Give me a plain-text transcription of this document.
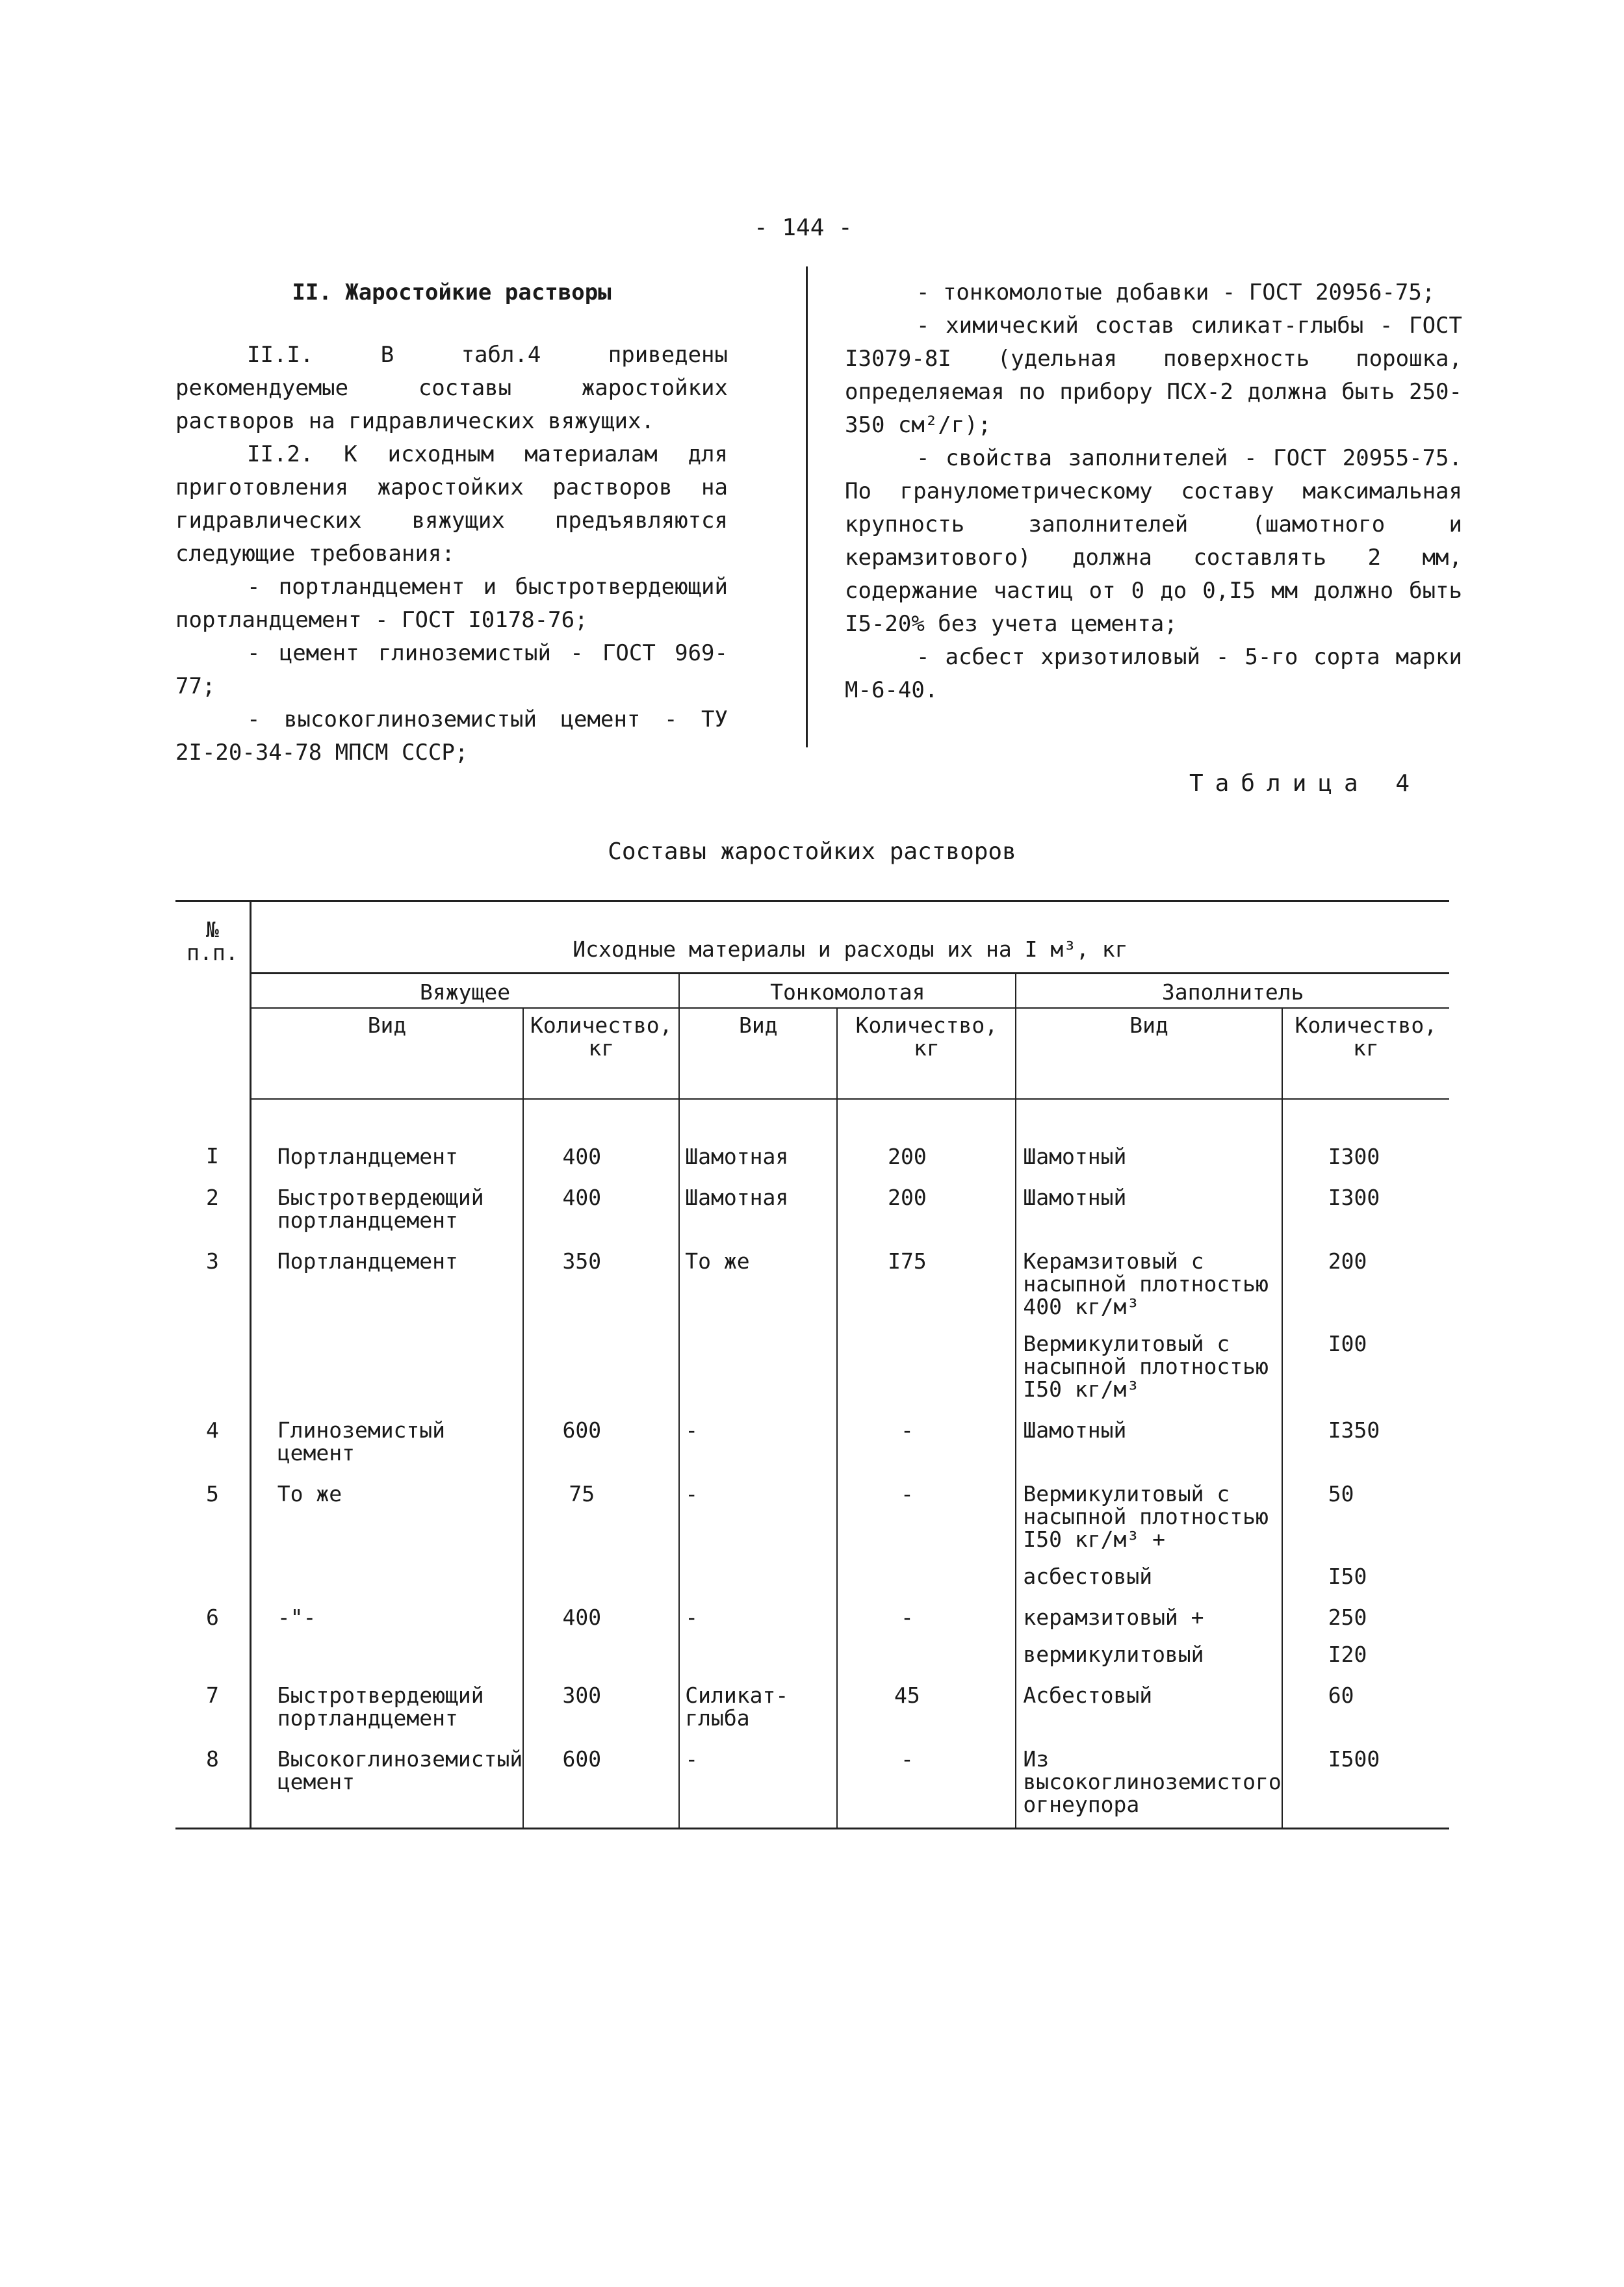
- 144 -

II. Жаростойкие растворы

II.I. В табл.4 приведены рекомендуемые составы жаростойких растворов на гидравлических вяжущих.

II.2. К исходным материалам для приготовления жаростойких растворов на гидравлических вяжущих предъявляются следующие требования:

- портландцемент и быстротвердеющий портландцемент - ГОСТ I0178-76;

- цемент глиноземистый - ГОСТ 969-77;

- высокоглиноземистый цемент - ТУ 2I-20-34-78 МПСМ СССР;

- тонкомолотые добавки - ГОСТ 20956-75;

- химический состав силикат-глыбы - ГОСТ I3079-8I (удельная поверхность порошка, определяемая по прибору ПСХ-2 должна быть 250-350 см²/г);

- свойства заполнителей - ГОСТ 20955-75. По гранулометрическому составу максимальная крупность заполнителей (шамотного и керамзитового) должна составлять 2 мм, содержание частиц от 0 до 0,I5 мм должно быть I5-20% без учета цемента;

- асбест хризотиловый - 5-го сорта марки М-6-40.

Таблица 4
Составы жаростойких растворов
№ п.п.	Исходные материалы и расходы их на I м³, кг					
	Вяжущее		Тонкомолотая		Заполнитель	
	Вид	Количество, кг	Вид	Количество, кг	Вид	Количество, кг
I	Портландцемент	400	Шамотная	200	Шамотный	I300
2	Быстротвердеющий портландцемент	400	Шамотная	200	Шамотный	I300
3	Портландцемент	350	То же	I75	Керамзитовый с насыпной плотностью 400 кг/м³	200
					Вермикулитовый с насыпной плотностью I50 кг/м³	I00
4	Глиноземистый цемент	600	-	-	Шамотный	I350
5	То же	75	-	-	Вермикулитовый с насыпной плотностью I50 кг/м³ +	50
					асбестовый	I50
6	-"-	400	-	-	керамзитовый +	250
					вермикулитовый	I20
7	Быстротвердеющий портландцемент	300	Силикат-глыба	45	Асбестовый	60
8	Высокоглиноземистый цемент	600	-	-	Из высокоглиноземистого огнеупора	I500
